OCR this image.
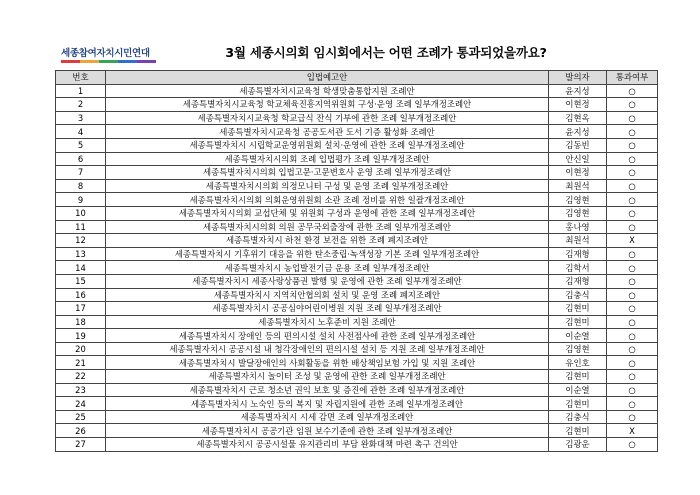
세종참여자치시민연대	3월 세종시의회 임시회에서는 어떤 조례가 통과되었을까요?
번호	입법예고안	발의자	통과여부
1	세종특별자치시교육청 학생맞춤통합지원 조례안	윤지성	○
2	세종특별자치시교육청 학교체육진흥지역위원회 구성·운영 조례 일부개정조례안	이현정	○
3	세종특별자치시교육청 학교급식 잔식 기부에 관한 조례 일부개정조례안	김현옥	○
4	세종특별자치시교육청 공공도서관 도서 기증 활성화 조례안	윤지성	○
5	세종특별자치시 시립학교운영위원회 설치·운영에 관한 조례 일부개정조례안	김동빈	○
6	세종특별자치시의회 조례 입법평가 조례 일부개정조례안	안신일	○
7	세종특별자치시의회 입법고문·고문변호사 운영 조례 일부개정조례안	이현정	○
8	세종특별자치시의회 의정모니터 구성 및 운영 조례 일부개정조례안	최원석	○
9	세종특별자치시의회 의회운영위원회 소관 조례 정비를 위한 일괄개정조례안	김영현	○
10	세종특별자치시의회 교섭단체 및 위원회 구성과 운영에 관한 조례 일부개정조례안	김영현	○
11	세종특별자치시의회 의원 공무국외출장에 관한 조례 일부개정조례안	홍나영	○
12	세종특별자치시 하천 환경 보전을 위한 조례 폐지조례안	최원석	X
13	세종특별자치시 기후위기 대응을 위한 탄소중립·녹색성장 기본 조례 일부개정조례안	김재형	○
14	세종특별자치시 농업발전기금 운용 조례 일부개정조례안	김학서	○
15	세종특별자치시 세종사랑상품권 발행 및 운영에 관한 조례 일부개정조례안	김재형	○
16	세종특별자치시 지역치안협의회 설치 및 운영 조례 폐지조례안	김충식	○
17	세종특별자치시 공공심야어린이병원 지원 조례 일부개정조례안	김현미	○
18	세종특별자치시 노후준비 지원 조례안	김현미	○
19	세종특별자치시 장애인 등의 편의시설 설치 사전점사에 관한 조례 일부개정조례안	이순열	○
20	세종특별자치시 공공시설 내 청각장애인의 편의시설 설치 등 지원 조례 일부개정조례안	김영현	○
21	세종특별자치시 발달장애인의 사회활동을 위한 배상책임보험 가입 및 지원 조례안	유인호	○
22	세종특별자치시 놀이터 조성 및 운영에 관한 조례 일부개정조례안	김현미	○
23	세종특별자치시 근로 청소년 권익 보호 및 증진에 관한 조례 일부개정조례안	이순열	○
24	세종특별자치시 노숙인 등의 복지 및 자립지원에 관한 조례 일부개정조례안	김현미	○
25	세종특별자치시 시세 감면 조례 일부개정조례안	김충식	○
26	세종특별자치시 공공기관 임원 보수기준에 관한 조례 일부개정조례안	김현미	X
27	세종특별자치시 공공시설물 유지관리비 부담 완화대책 마련 촉구 건의안	김광운	○
